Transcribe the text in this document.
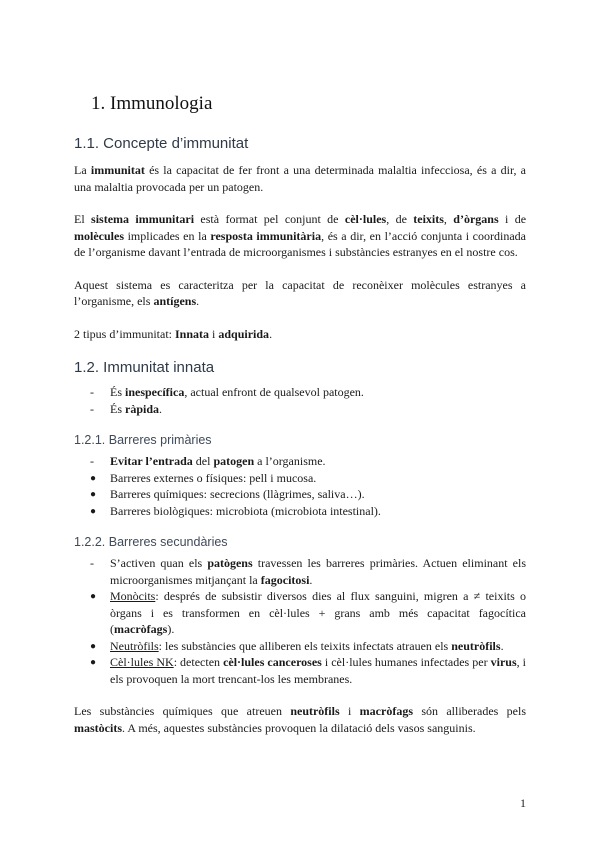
1. Immunologia
1.1. Concepte d’immunitat

La immunitat és la capacitat de fer front a una determinada malaltia infecciosa, és a dir, a una malaltia provocada per un patogen.

El sistema immunitari està format pel conjunt de cèl·lules, de teixits, d’òrgans i de molècules implicades en la resposta immunitària, és a dir, en l’acció conjunta i coordinada de l’organisme davant l’entrada de microorganismes i substàncies estranyes en el nostre cos.

Aquest sistema es caracteritza per la capacitat de reconèixer molècules estranyes a l’organisme, els antígens.

2 tipus d’immunitat: Innata i adquirida.

1.2. Immunitat innata
-	És inespecífica, actual enfront de qualsevol patogen.
-	És ràpida.
1.2.1. Barreres primàries
-	Evitar l’entrada del patogen a l’organisme.
●	Barreres externes o físiques: pell i mucosa.
●	Barreres químiques: secrecions (llàgrimes, saliva…).
●	Barreres biològiques: microbiota (microbiota intestinal).
1.2.2. Barreres secundàries
-	S’activen quan els patògens travessen les barreres primàries. Actuen eliminant els microorganismes mitjançant la fagocitosi.
●	Monòcits: després de subsistir diversos dies al flux sanguini, migren a ≠ teixits o òrgans i es transformen en cèl·lules + grans amb més capacitat fagocítica (macròfags).
●	Neutròfils: les substàncies que alliberen els teixits infectats atrauen els neutròfils.
●	Cèl·lules NK: detecten cèl·lules canceroses i cèl·lules humanes infectades per virus, i els provoquen la mort trencant-los les membranes.

Les substàncies químiques que atreuen neutròfils i macròfags són alliberades pels mastòcits. A més, aquestes substàncies provoquen la dilatació dels vasos sanguinis.

1
